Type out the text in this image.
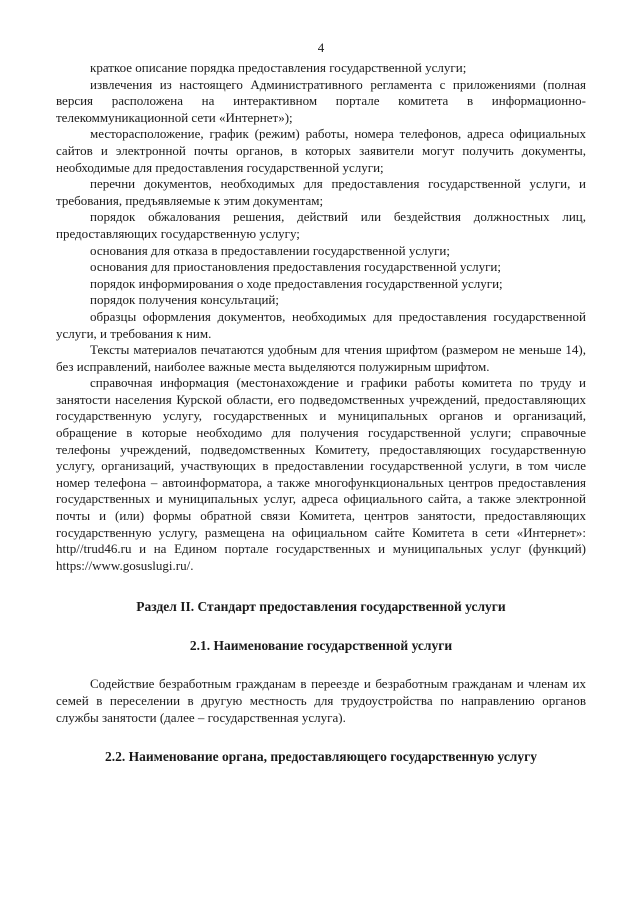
4

краткое описание порядка предоставления государственной услуги;

извлечения из настоящего Административного регламента с приложениями (полная версия расположена на интерактивном портале комитета в информационно-телекоммуникационной сети «Интернет»);

месторасположение, график (режим) работы, номера телефонов, адреса официальных сайтов и электронной почты органов, в которых заявители могут получить документы, необходимые для предоставления государственной услуги;

перечни документов, необходимых для предоставления государственной услуги, и требования, предъявляемые к этим документам;

порядок обжалования решения, действий или бездействия должностных лиц, предоставляющих государственную услугу;

основания для отказа в предоставлении государственной услуги;

основания для приостановления предоставления государственной услуги;

порядок информирования о ходе предоставления государственной услуги;

порядок получения консультаций;

образцы оформления документов, необходимых для предоставления государственной услуги, и требования к ним.

Тексты материалов печатаются удобным для чтения шрифтом (размером не меньше 14), без исправлений, наиболее важные места выделяются полужирным шрифтом.

справочная информация (местонахождение и графики работы комитета по труду и занятости населения Курской области, его подведомственных учреждений, предоставляющих государственную услугу, государственных и муниципальных органов и организаций, обращение в которые необходимо для получения государственной услуги; справочные телефоны учреждений, подведомственных Комитету, предоставляющих государственную услугу, организаций, участвующих в предоставлении государственной услуги, в том числе номер телефона – автоинформатора, а также многофункциональных центров предоставления государственных и муниципальных услуг, адреса официального сайта, а также электронной почты и (или) формы обратной связи Комитета, центров занятости, предоставляющих государственную услугу, размещена на официальном сайте Комитета в сети «Интернет»: http//trud46.ru и на Едином портале государственных и муниципальных услуг (функций) https://www.gosuslugi.ru/.

Раздел II. Стандарт предоставления государственной услуги
2.1. Наименование государственной услуги

Содействие безработным гражданам в переезде и безработным гражданам и членам их семей в переселении в другую местность для трудоустройства по направлению органов службы занятости (далее – государственная услуга).

2.2. Наименование органа, предоставляющего государственную услугу
